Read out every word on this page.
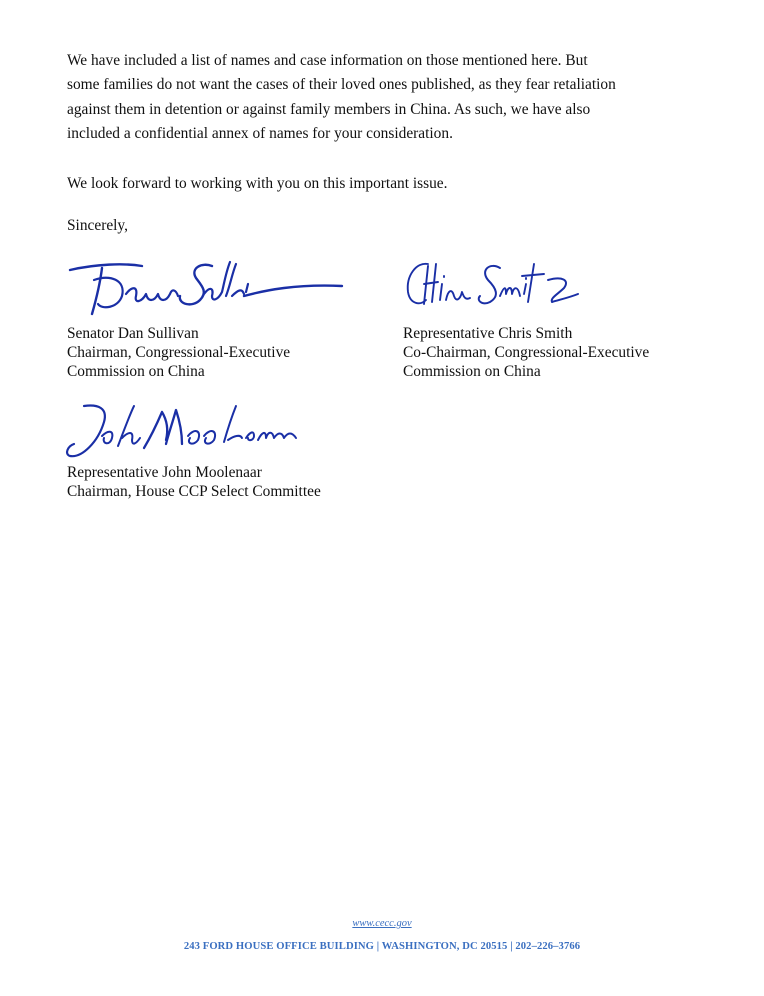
We have included a list of names and case information on those mentioned here. But
some families do not want the cases of their loved ones published, as they fear retaliation
against them in detention or against family members in China. As such, we have also
included a confidential annex of names for your consideration.
We look forward to working with you on this important issue.
Sincerely,
Senator Dan Sullivan
Chairman, Congressional-Executive
Commission on China
Representative Chris Smith
Co-Chairman, Congressional-Executive
Commission on China
Representative John Moolenaar
Chairman, House CCP Select Committee
www.cecc.gov
243 FORD HOUSE OFFICE BUILDING | WASHINGTON, DC 20515 | 202–226–3766
